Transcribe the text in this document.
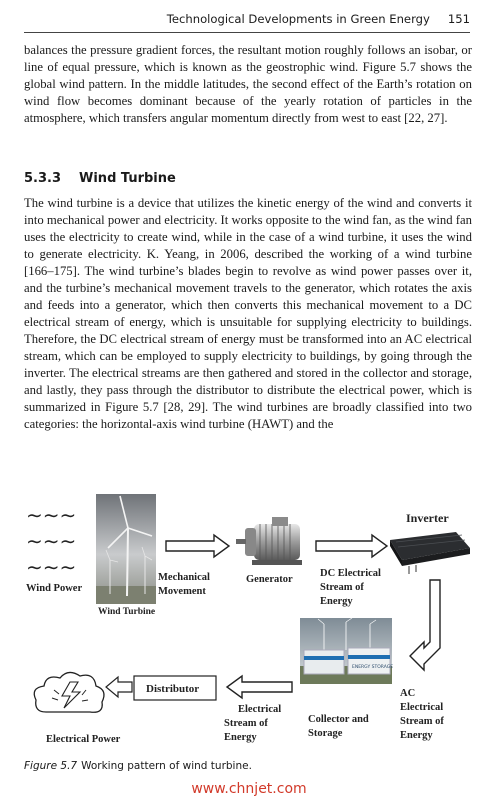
Technological Developments in Green Energy 151

balances the pressure gradient forces, the resultant motion roughly follows an isobar, or line of equal pressure, which is known as the geostrophic wind. Figure 5.7 shows the global wind pattern. In the middle latitudes, the second effect of the Earth’s rotation on wind flow becomes dominant because of the yearly rotation of particles in the atmosphere, which transfers angular momentum directly from west to east [22, 27].

5.3.3 Wind Turbine

The wind turbine is a device that utilizes the kinetic energy of the wind and converts it into mechanical power and electricity. It works opposite to the wind fan, as the wind fan uses the electricity to create wind, while in the case of a wind turbine, it uses the wind to generate electricity. K. Yeang, in 2006, described the working of a wind turbine [166–175]. The wind turbine’s blades begin to revolve as wind power passes over it, and the turbine’s mechanical movement travels to the generator, which rotates the axis and feeds into a generator, which then converts this mechanical movement to a DC electrical stream of energy, which is unsuitable for supplying electricity to buildings. Therefore, the DC electrical stream of energy must be transformed into an AC electrical stream, which can be employed to supply electricity to buildings, by going through the inverter. The electrical streams are then gathered and stored in the collector and storage, and lastly, they pass through the distributor to distribute the electrical power, which is summarized in Figure 5.7 [28, 29]. The wind turbines are broadly classified into two categories: the horizontal-axis wind turbine (HAWT) and the

∼∼∼
∼∼∼
∼∼∼
Wind Power
Wind Turbine
Mechanical
Movement
Generator
DC Electrical
Stream of
Energy
Inverter
ENERGY STORAGE
AC
Electrical
Stream of
Energy
Collector and
Storage
Electrical
Stream of
Energy
Distributor
Electrical Power
Figure 5.7 Working pattern of wind turbine.
www.chnjet.com
